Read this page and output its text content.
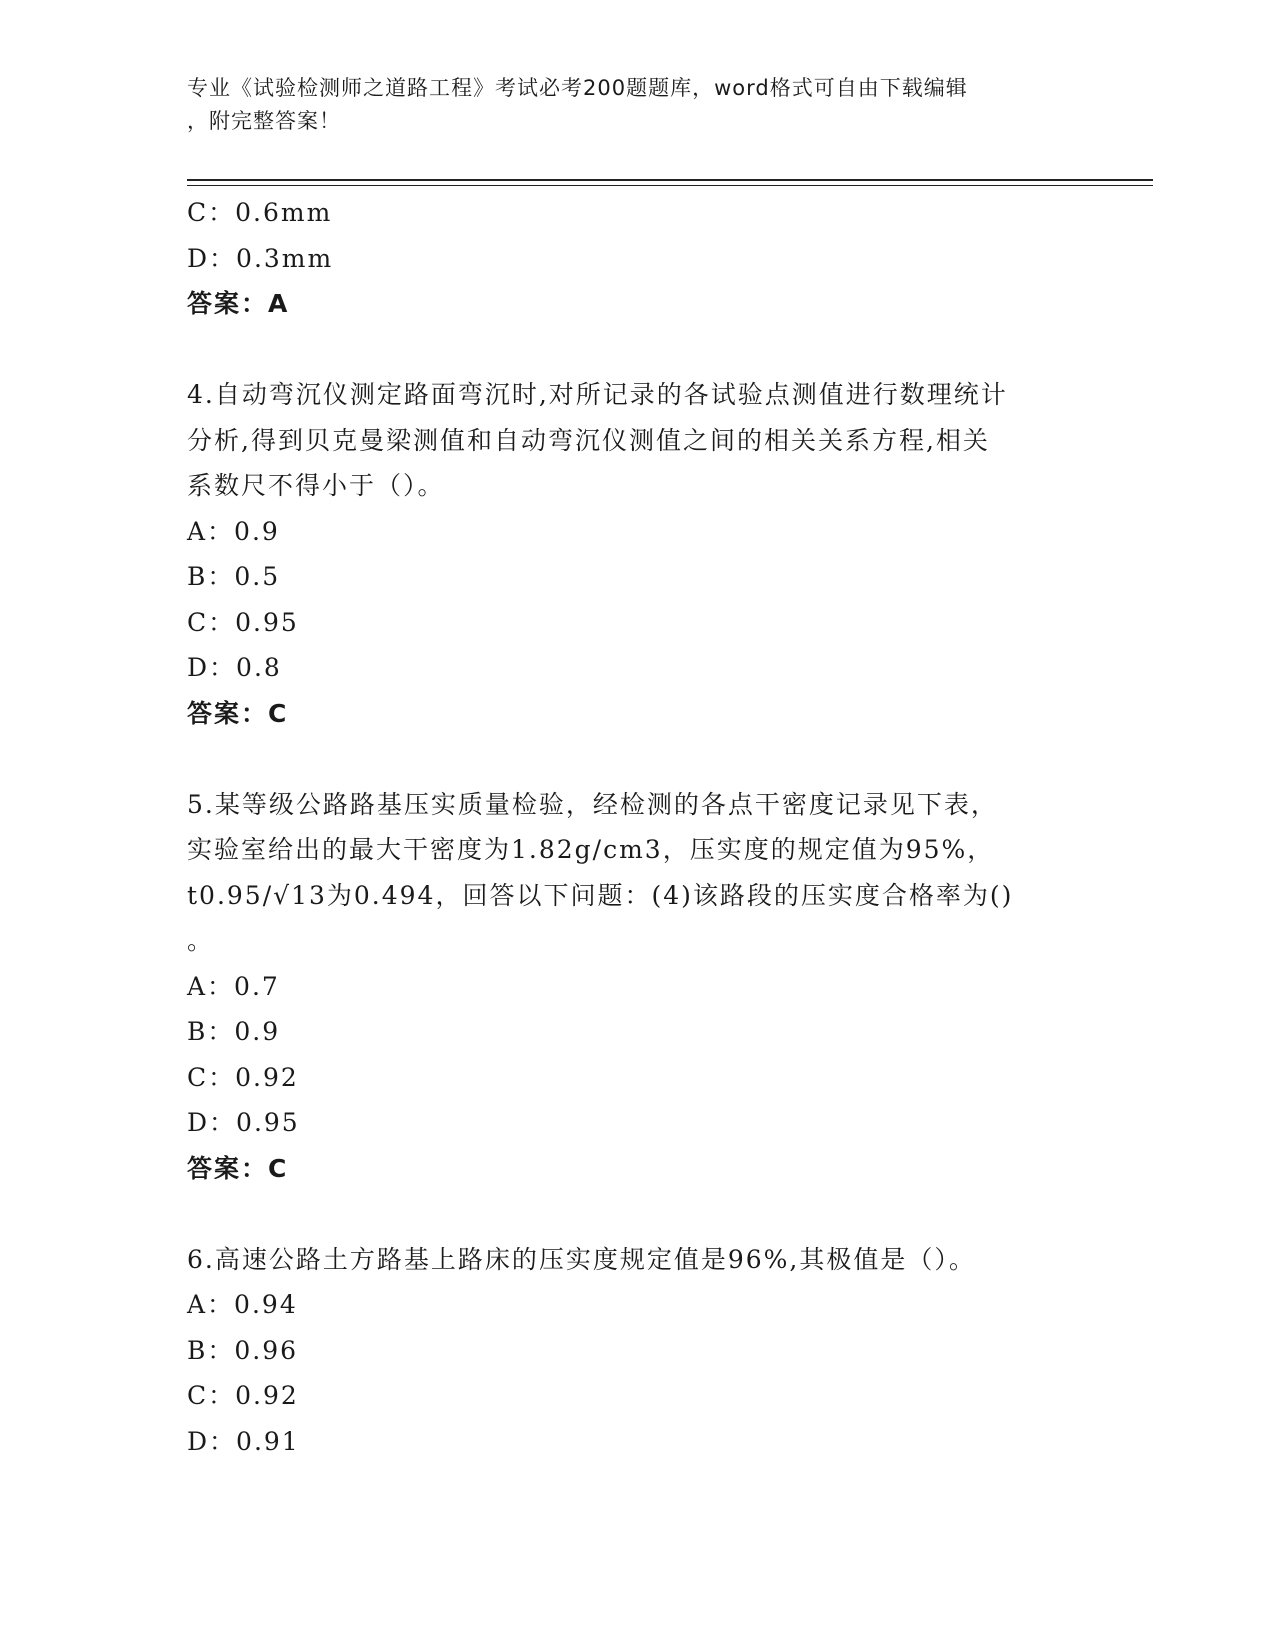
专业《试验检测师之道路工程》考试必考200题题库，word格式可自由下载编辑
，附完整答案！
C：0.6mm
D：0.3mm
答案：A
4.自动弯沉仪测定路面弯沉时,对所记录的各试验点测值进行数理统计
分析,得到贝克曼梁测值和自动弯沉仪测值之间的相关关系方程,相关
系数尺不得小于（）。
A：0.9
B：0.5
C：0.95
D：0.8
答案：C
5.某等级公路路基压实质量检验，经检测的各点干密度记录见下表，
实验室给出的最大干密度为1.82g/cm3，压实度的规定值为95%，
t0.95/√13为0.494，回答以下问题：(4)该路段的压实度合格率为()
。
A：0.7
B：0.9
C：0.92
D：0.95
答案：C
6.高速公路土方路基上路床的压实度规定值是96%,其极值是（）。
A：0.94
B：0.96
C：0.92
D：0.91
